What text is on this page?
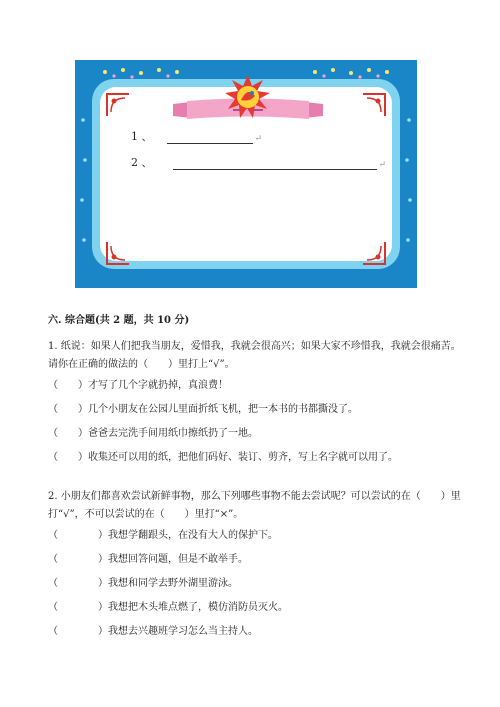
1 、	↵
2 、	↵

六. 综合题(共 2 题，共 10 分)

1. 纸说：如果人们把我当朋友，爱惜我，我就会很高兴；如果大家不珍惜我，我就会很痛苦。请你在正确的做法的（　　）里打上“√”。

（　　）才写了几个字就扔掉，真浪费！

（　　）几个小朋友在公园儿里面折纸飞机，把一本书的书都撕没了。

（　　）爸爸去完洗手间用纸巾擦纸扔了一地。

（　　）收集还可以用的纸，把他们码好、装订、剪齐，写上名字就可以用了。

2. 小朋友们都喜欢尝试新鲜事物，那么下列哪些事物不能去尝试呢？可以尝试的在（　　）里打“√”，不可以尝试的在（　　）里打“×”。

（　　　　）我想学翻跟头，在没有大人的保护下。

（　　　　）我想回答问题，但是不敢举手。

（　　　　）我想和同学去野外湖里游泳。

（　　　　）我想把木头堆点燃了，模仿消防员灭火。

（　　　　）我想去兴趣班学习怎么当主持人。
